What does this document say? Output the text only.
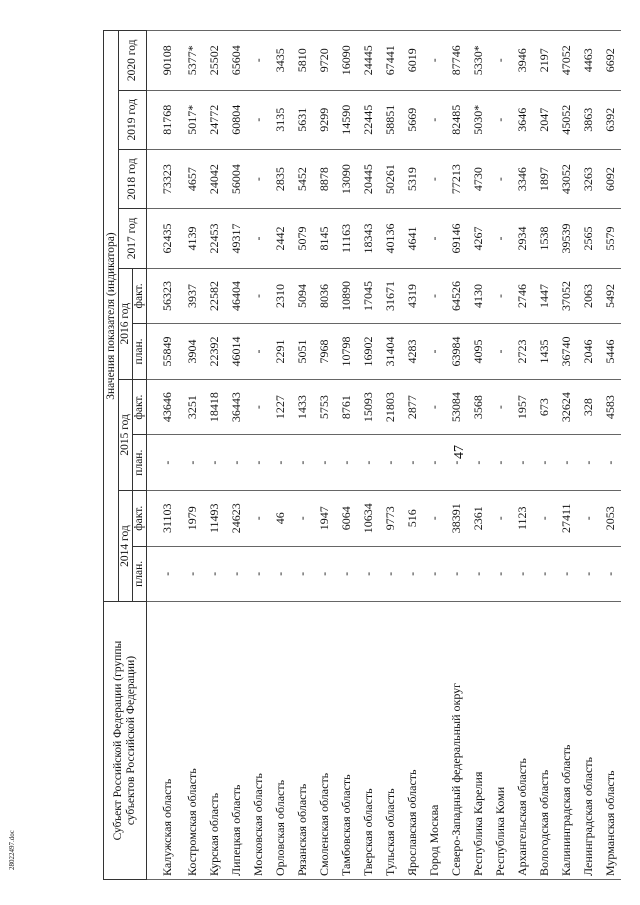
47
28022497.doc
Субъект Российской Федерации (группы субъектов Российской Федерации)	Значения показателя (индикатора)									
	2014 год		2015 год		2016 год		2017 год	2018 год	2019 год	2020 год
	план.	факт.	план.	факт.	план.	факт.				
Калужская область	-	31103	-	43646	55849	56323	62435	73323	81768	90108
Костромская область	-	1979	-	3251	3904	3937	4139	4657	5017*	5377*
Курская область	-	11493	-	18418	22392	22582	22453	24042	24772	25502
Липецкая область	-	24623	-	36443	46014	46404	49317	56004	60804	65604
Московская область	-	-	-	-	-	-	-	-	-	-
Орловская область	-	46	-	1227	2291	2310	2442	2835	3135	3435
Рязанская область	-	-	-	1433	5051	5094	5079	5452	5631	5810
Смоленская область	-	1947	-	5753	7968	8036	8145	8878	9299	9720
Тамбовская область	-	6064	-	8761	10798	10890	11163	13090	14590	16090
Тверская область	-	10634	-	15093	16902	17045	18343	20445	22445	24445
Тульская область	-	9773	-	21803	31404	31671	40136	50261	58851	67441
Ярославская область	-	516	-	2877	4283	4319	4641	5319	5669	6019
Город Москва	-	-	-	-	-	-	-	-	-	-
Северо-Западный федеральный округ	-	38391	-	53084	63984	64526	69146	77213	82485	87746
Республика Карелия	-	2361	-	3568	4095	4130	4267	4730	5030*	5330*
Республика Коми	-	-	-	-	-	-	-	-	-	-
Архангельская область	-	1123	-	1957	2723	2746	2934	3346	3646	3946
Вологодская область	-	-	-	673	1435	1447	1538	1897	2047	2197
Калининградская область	-	27411	-	32624	36740	37052	39539	43052	45052	47052
Ленинградская область	-	-	-	328	2046	2063	2565	3263	3863	4463
Мурманская область	-	2053	-	4583	5446	5492	5579	6092	6392	6692
